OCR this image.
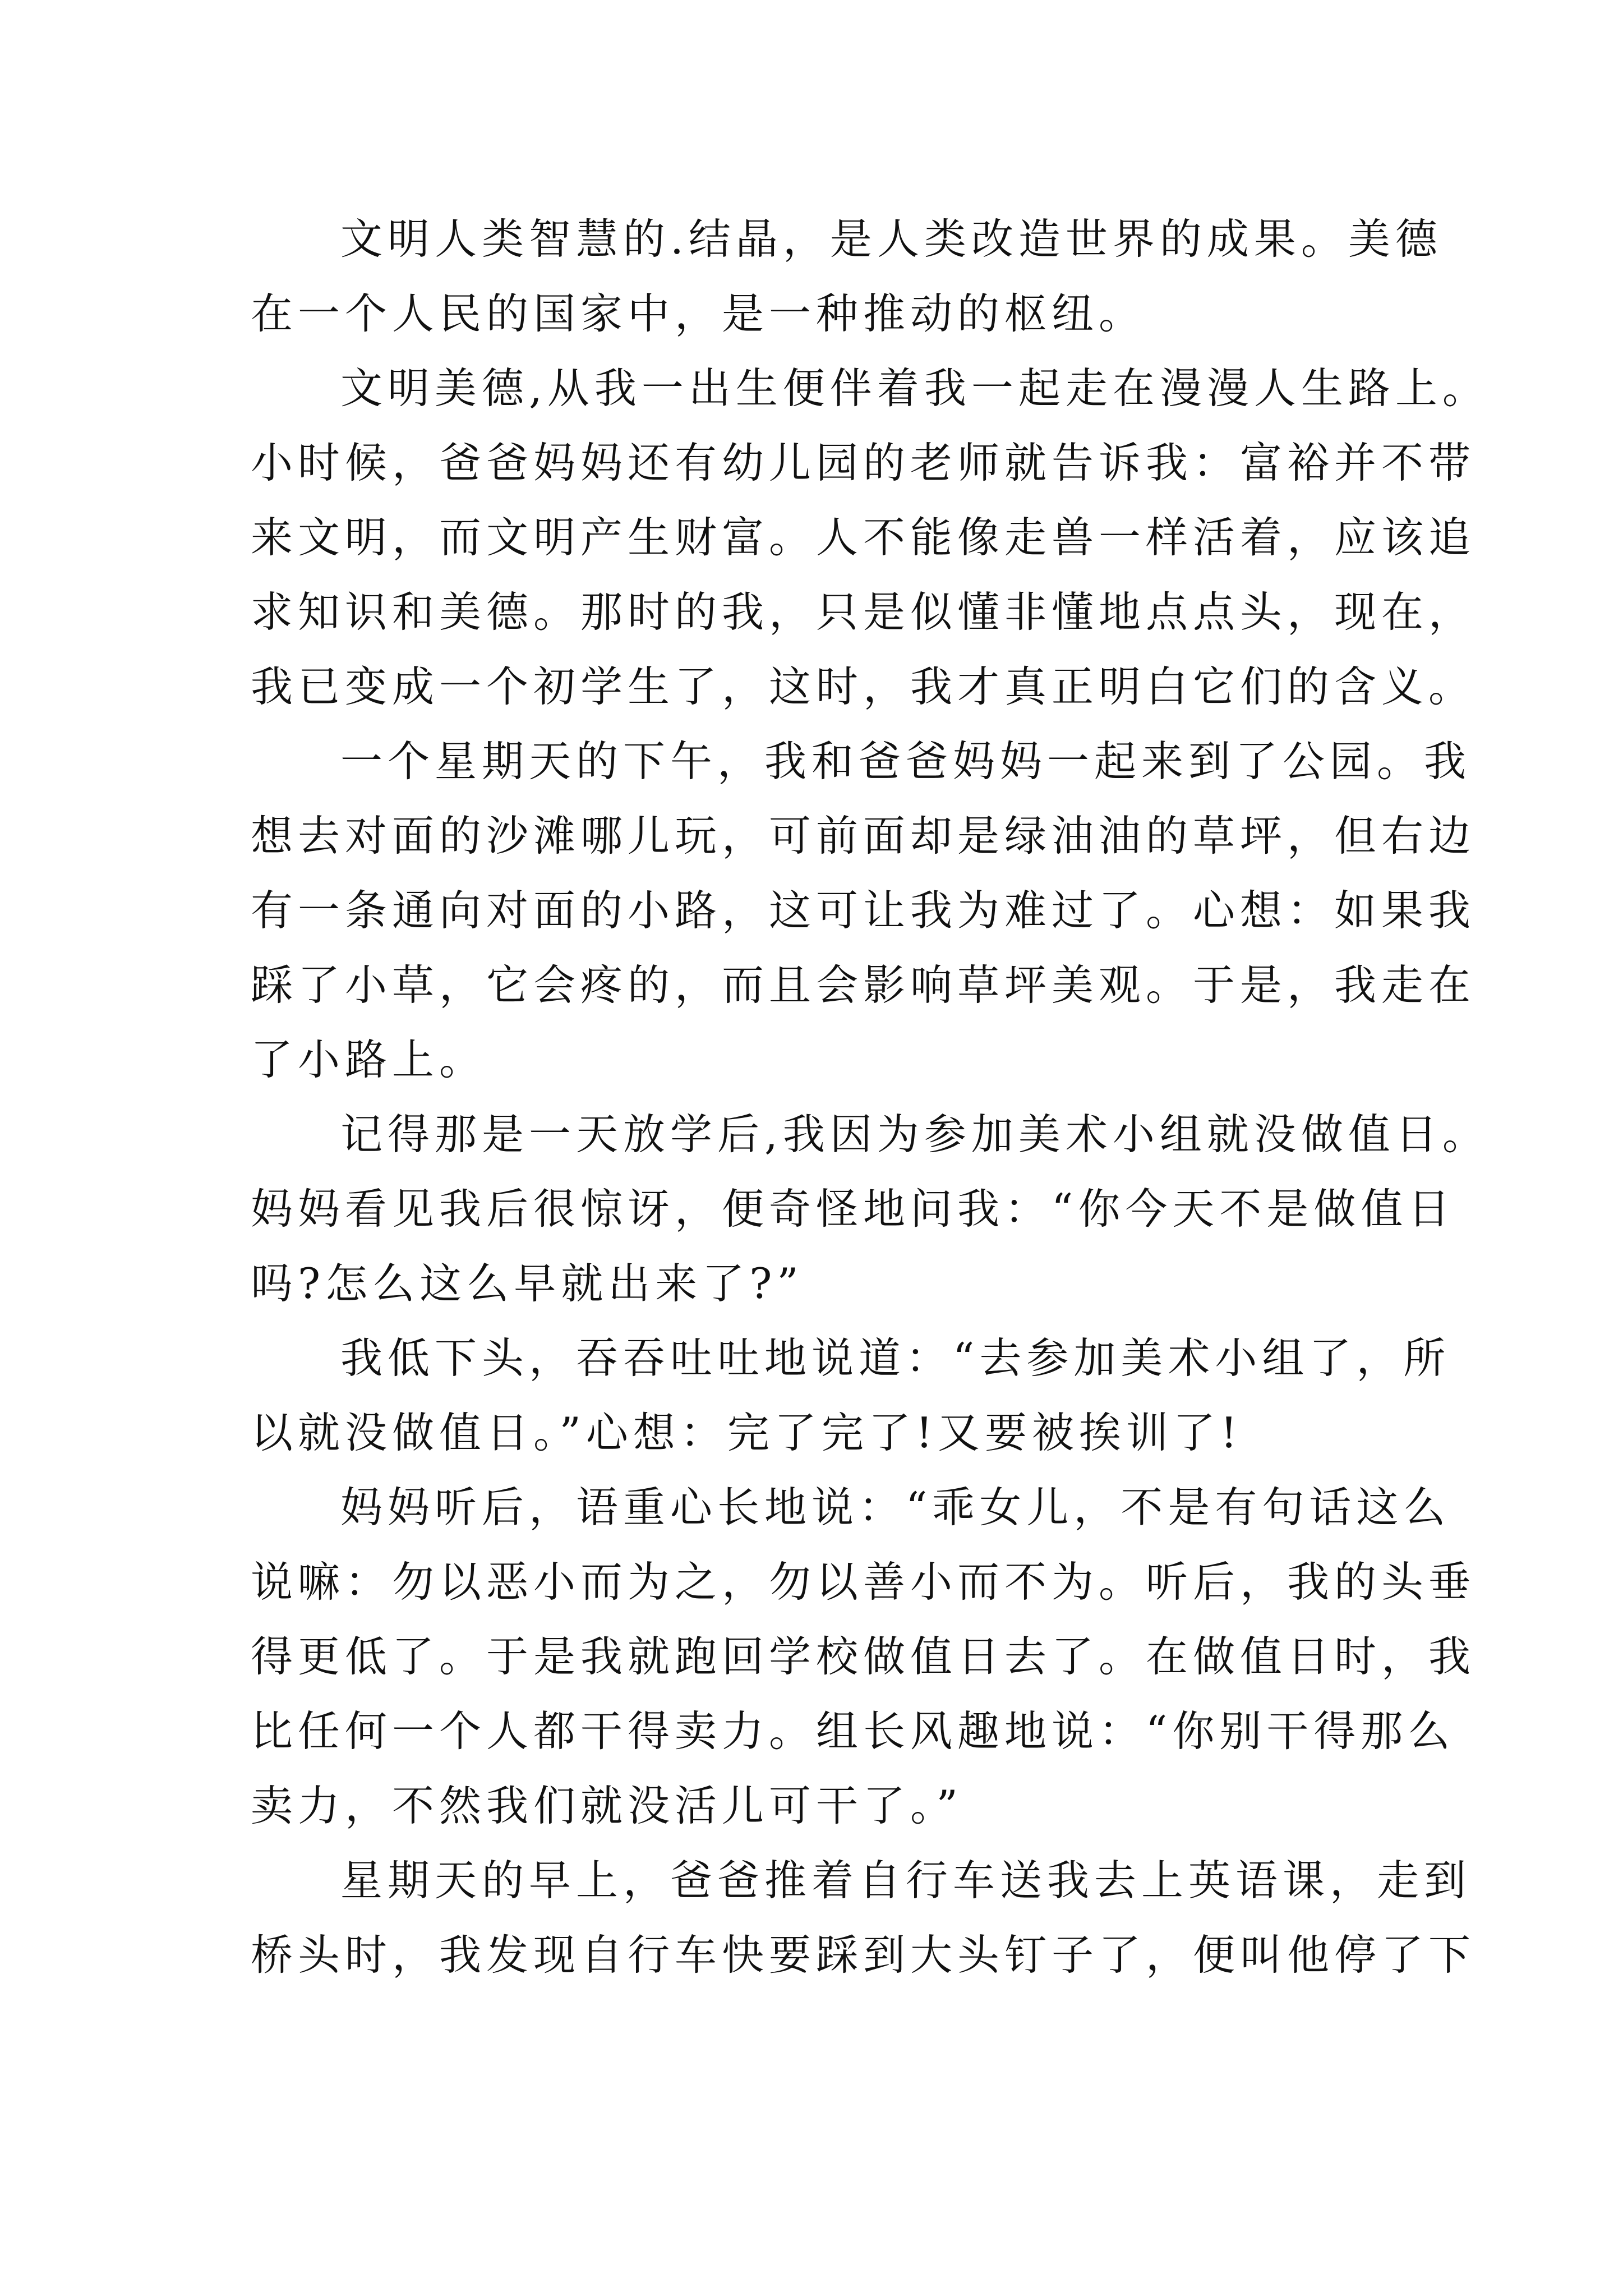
文明人类智慧的.结晶，是人类改造世界的成果。美德
在一个人民的国家中，是一种推动的枢纽。
文明美德,从我一出生便伴着我一起走在漫漫人生路上。
小时候，爸爸妈妈还有幼儿园的老师就告诉我：富裕并不带
来文明，而文明产生财富。人不能像走兽一样活着，应该追
求知识和美德。那时的我，只是似懂非懂地点点头，现在，
我已变成一个初学生了，这时，我才真正明白它们的含义。
一个星期天的下午，我和爸爸妈妈一起来到了公园。我
想去对面的沙滩哪儿玩，可前面却是绿油油的草坪，但右边
有一条通向对面的小路，这可让我为难过了。心想：如果我
踩了小草，它会疼的，而且会影响草坪美观。于是，我走在
了小路上。
记得那是一天放学后,我因为参加美术小组就没做值日。
妈妈看见我后很惊讶，便奇怪地问我：“你今天不是做值日
吗?怎么这么早就出来了?”
我低下头，吞吞吐吐地说道：“去参加美术小组了，所
以就没做值日。”心想：完了完了!又要被挨训了!
妈妈听后，语重心长地说：“乖女儿，不是有句话这么
说嘛：勿以恶小而为之，勿以善小而不为。听后，我的头垂
得更低了。于是我就跑回学校做值日去了。在做值日时，我
比任何一个人都干得卖力。组长风趣地说：“你别干得那么
卖力，不然我们就没活儿可干了。”
星期天的早上，爸爸推着自行车送我去上英语课，走到
桥头时，我发现自行车快要踩到大头钉子了，便叫他停了下
